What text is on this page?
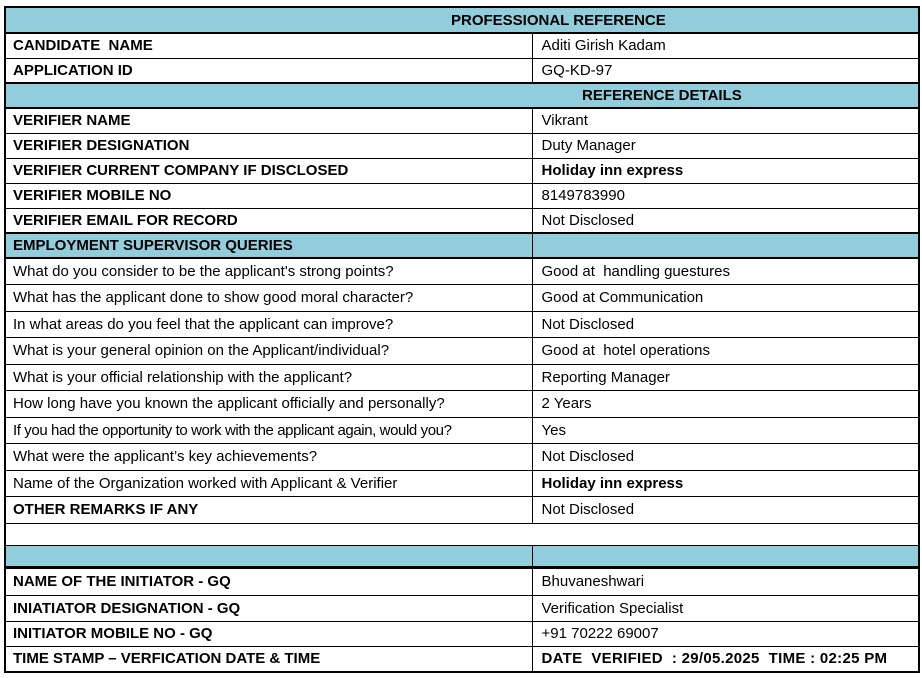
PROFESSIONAL REFERENCE	
CANDIDATE  NAME	Aditi Girish Kadam
APPLICATION ID	GQ-KD-97
REFERENCE DETAILS	
VERIFIER NAME	Vikrant
VERIFIER DESIGNATION	Duty Manager
VERIFIER CURRENT COMPANY IF DISCLOSED	Holiday inn express
VERIFIER MOBILE NO	8149783990
VERIFIER EMAIL FOR RECORD	Not Disclosed
EMPLOYMENT SUPERVISOR QUERIES	
What do you consider to be the applicant's strong points?	Good at  handling guestures
What has the applicant done to show good moral character?	Good at Communication
In what areas do you feel that the applicant can improve?	Not Disclosed
What is your general opinion on the Applicant/individual?	Good at  hotel operations
What is your official relationship with the applicant?	Reporting Manager
How long have you known the applicant officially and personally?	2 Years
If you had the opportunity to work with the applicant again, would you?	Yes
What were the applicant’s key achievements?	Not Disclosed
Name of the Organization worked with Applicant & Verifier	Holiday inn express
OTHER REMARKS IF ANY	Not Disclosed

NAME OF THE INITIATOR - GQ	Bhuvaneshwari
INIATIATOR DESIGNATION - GQ	Verification Specialist
INITIATOR MOBILE NO - GQ	+91 70222 69007
TIME STAMP – VERFICATION DATE & TIME	DATE  VERIFIED  : 29/05.2025  TIME : 02:25 PM
